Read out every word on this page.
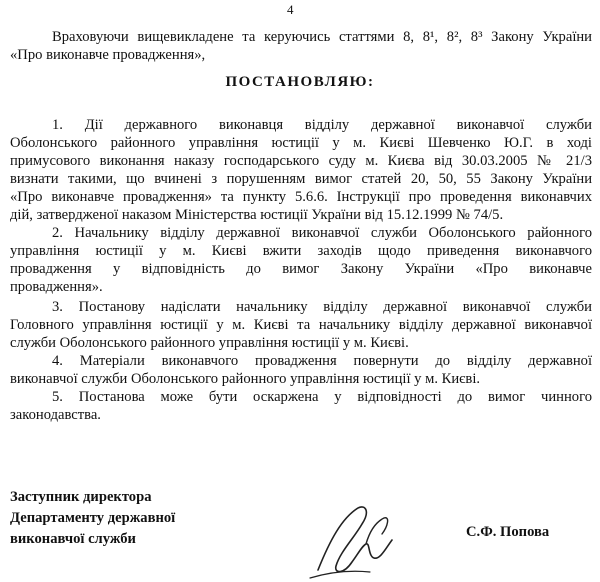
4
Враховуючи вищевикладене та керуючись статтями 8, 8¹, 8², 8³ Закону України
«Про виконавче провадження»,
ПОСТАНОВЛЯЮ:
1. Дії державного виконавця відділу державної виконавчої служби
Оболонського районного управління юстиції у м. Києві Шевченко Ю.Г. в ході
примусового виконання наказу господарського суду м. Києва від 30.03.2005 № 21/3
визнати такими, що вчинені з порушенням вимог статей 20, 50, 55 Закону України
«Про виконавче провадження» та пункту 5.6.6. Інструкції про проведення виконавчих
дій, затвердженої наказом Міністерства юстиції України від 15.12.1999 № 74/5.
2. Начальнику відділу державної виконавчої служби Оболонського районного
управління юстиції у м. Києві вжити заходів щодо приведення виконавчого
провадження у відповідність до вимог Закону України «Про виконавче
провадження».
3. Постанову надіслати начальнику відділу державної виконавчої служби
Головного управління юстиції у м. Києві та начальнику відділу державної виконавчої
служби Оболонського районного управління юстиції у м. Києві.
4. Матеріали виконавчого провадження повернути до відділу державної
виконавчої служби Оболонського районного управління юстиції у м. Києві.
5. Постанова може бути оскаржена у відповідності до вимог чинного
законодавства.
Заступник директора
Департаменту державної
виконавчої служби	С.Ф. Попова
